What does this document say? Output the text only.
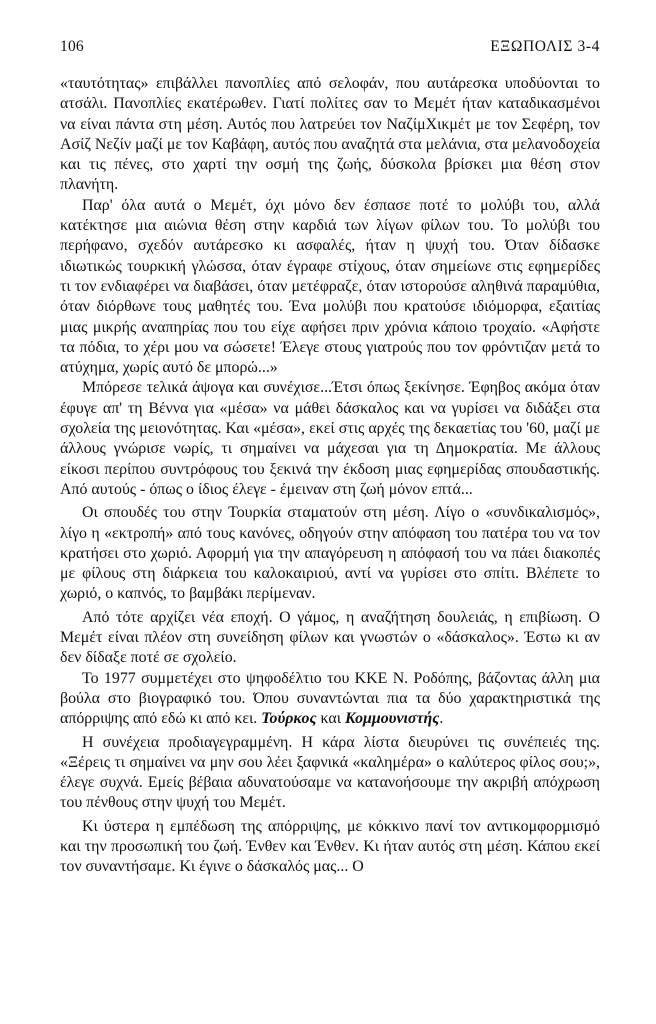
106	ΕΞΩΠΟΛΙΣ 3-4

«ταυτότητας» επιβάλλει πανοπλίες από σελοφάν, που αυτάρεσκα υποδύονται το ατσάλι. Πανοπλίες εκατέρωθεν. Γιατί πολίτες σαν το Μεμέτ ήταν καταδικασμένοι να είναι πάντα στη μέση. Αυτός που λατρεύει τον ΝαζίμΧικμέτ με τον Σεφέρη, τον Ασίζ Νεζίν μαζί με τον Καβάφη, αυτός που αναζητά στα μελάνια, στα μελανοδοχεία και τις πένες, στο χαρτί την οσμή της ζωής, δύσκολα βρίσκει μια θέση στον πλανήτη.

Παρ' όλα αυτά ο Μεμέτ, όχι μόνο δεν έσπασε ποτέ το μολύβι του, αλλά κατέκτησε μια αιώνια θέση στην καρδιά των λίγων φίλων του. Το μολύβι του περήφανο, σχεδόν αυτάρεσκο κι ασφαλές, ήταν η ψυχή του. Όταν δίδασκε ιδιωτικώς τουρκική γλώσσα, όταν έγραφε στίχους, όταν σημείωνε στις εφημερίδες τι τον ενδιαφέρει να διαβάσει, όταν μετέφραζε, όταν ιστορούσε αληθινά παραμύθια, όταν διόρθωνε τους μαθητές του. Ένα μολύβι που κρατούσε ιδιόμορφα, εξαιτίας μιας μικρής αναπηρίας που του είχε αφήσει πριν χρόνια κάποιο τροχαίο. «Αφήστε τα πόδια, το χέρι μου να σώσετε! Έλεγε στους γιατρούς που τον φρόντιζαν μετά το ατύχημα, χωρίς αυτό δε μπορώ...»

Μπόρεσε τελικά άψογα και συνέχισε...Έτσι όπως ξεκίνησε. Έφηβος ακόμα όταν έφυγε απ' τη Βέννα για «μέσα» να μάθει δάσκαλος και να γυρίσει να διδάξει στα σχολεία της μειονότητας. Και «μέσα», εκεί στις αρχές της δεκαετίας του '60, μαζί με άλλους γνώρισε νωρίς, τι σημαίνει να μάχεσαι για τη Δημοκρατία. Με άλλους είκοσι περίπου συντρόφους του ξεκινά την έκδοση μιας εφημερίδας σπουδαστικής. Από αυτούς - όπως ο ίδιος έλεγε - έμειναν στη ζωή μόνον επτά...

Οι σπουδές του στην Τουρκία σταματούν στη μέση. Λίγο ο «συνδικαλισμός», λίγο η «εκτροπή» από τους κανόνες, οδηγούν στην απόφαση του πατέρα του να τον κρατήσει στο χωριό. Αφορμή για την απαγόρευση η απόφασή του να πάει διακοπές με φίλους στη διάρκεια του καλοκαιριού, αντί να γυρίσει στο σπίτι. Βλέπετε το χωριό, ο καπνός, το βαμβάκι περίμεναν.

Από τότε αρχίζει νέα εποχή. Ο γάμος, η αναζήτηση δουλειάς, η επιβίωση. Ο Μεμέτ είναι πλέον στη συνείδηση φίλων και γνωστών ο «δάσκαλος». Έστω κι αν δεν δίδαξε ποτέ σε σχολείο.

Το 1977 συμμετέχει στο ψηφοδέλτιο του ΚΚΕ Ν. Ροδόπης, βάζοντας άλλη μια βούλα στο βιογραφικό του. Όπου συναντώνται πια τα δύο χαρακτηριστικά της απόρριψης από εδώ κι από κει. Τούρκος και Κομμουνιστής.

Η συνέχεια προδιαγεγραμμένη. Η κάρα λίστα διευρύνει τις συνέπειές της. «Ξέρεις τι σημαίνει να μην σου λέει ξαφνικά «καλημέρα» ο καλύτερος φίλος σου;», έλεγε συχνά. Εμείς βέβαια αδυνατούσαμε να κατανοήσουμε την ακριβή απόχρωση του πένθους στην ψυχή του Μεμέτ.

Κι ύστερα η εμπέδωση της απόρριψης, με κόκκινο πανί τον αντικομφορμισμό και την προσωπική του ζωή. Ένθεν και Ένθεν. Κι ήταν αυτός στη μέση. Κάπου εκεί τον συναντήσαμε. Κι έγινε ο δάσκαλός μας... Ο
